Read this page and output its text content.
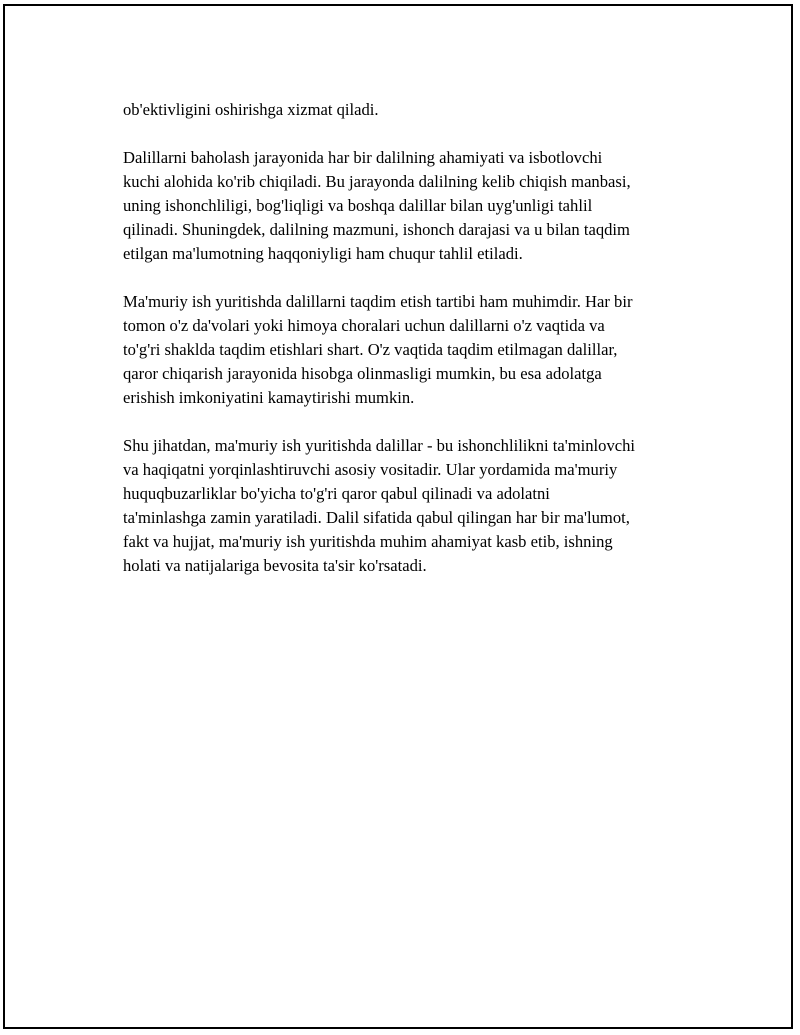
ob'ektivligini oshirishga xizmat qiladi.

Dalillarni baholash jarayonida har bir dalilning ahamiyati va isbotlovchi
kuchi alohida ko'rib chiqiladi. Bu jarayonda dalilning kelib chiqish manbasi,
uning ishonchliligi, bog'liqligi va boshqa dalillar bilan uyg'unligi tahlil
qilinadi. Shuningdek, dalilning mazmuni, ishonch darajasi va u bilan taqdim
etilgan ma'lumotning haqqoniyligi ham chuqur tahlil etiladi.

Ma'muriy ish yuritishda dalillarni taqdim etish tartibi ham muhimdir. Har bir
tomon o'z da'volari yoki himoya choralari uchun dalillarni o'z vaqtida va
to'g'ri shaklda taqdim etishlari shart. O'z vaqtida taqdim etilmagan dalillar,
qaror chiqarish jarayonida hisobga olinmasligi mumkin, bu esa adolatga
erishish imkoniyatini kamaytirishi mumkin.

Shu jihatdan, ma'muriy ish yuritishda dalillar - bu ishonchlilikni ta'minlovchi
va haqiqatni yorqinlashtiruvchi asosiy vositadir. Ular yordamida ma'muriy
huquqbuzarliklar bo'yicha to'g'ri qaror qabul qilinadi va adolatni
ta'minlashga zamin yaratiladi. Dalil sifatida qabul qilingan har bir ma'lumot,
fakt va hujjat, ma'muriy ish yuritishda muhim ahamiyat kasb etib, ishning
holati va natijalariga bevosita ta'sir ko'rsatadi.
